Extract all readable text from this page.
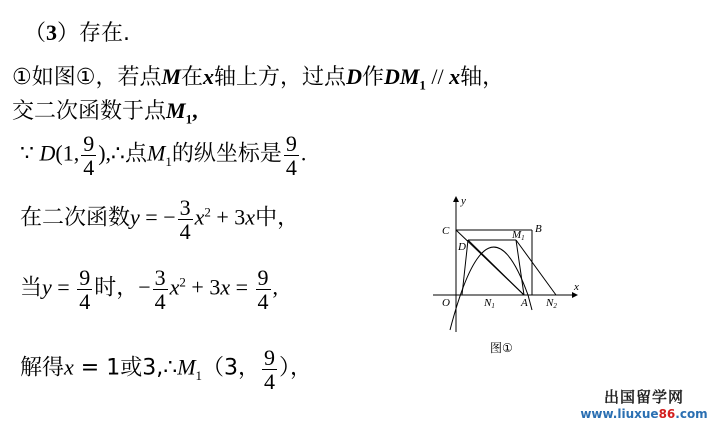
（3）存在.
①如图①，若点M在x轴上方，过点D作$DM_1$ // x轴，
交二次函数于点$M_1$,
∵ D(1, $\frac{9}{4}$ ),∴点$M_1$的纵坐标是 $\frac{9}{4}$ .
在二次函数y = − $\frac{3}{4} x^2 + 3x$中，
当$y = \frac{9}{4}$ 时，− $\frac{3}{4} x^2 + 3x = \frac{9}{4}$ ,
解得x = 1或$3,\therefore M_1(3$， $\frac{9}{4}$ ），
y
x
C	B
D
M1
O	N1 A N2
图①
出国留学网
www.liuxue86.com
